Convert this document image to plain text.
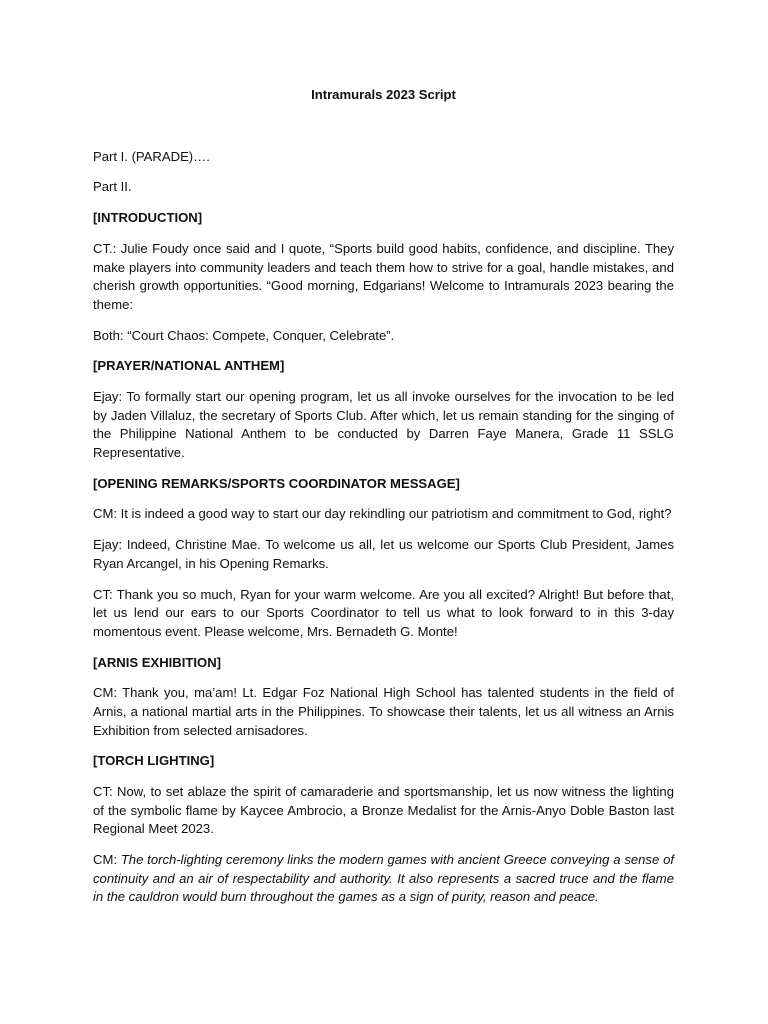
Intramurals 2023 Script
Part I. (PARADE)….
Part II.
[INTRODUCTION]
CT.: Julie Foudy once said and I quote, “Sports build good habits, confidence, and discipline. They make players into community leaders and teach them how to strive for a goal, handle mistakes, and cherish growth opportunities. “Good morning, Edgarians! Welcome to Intramurals 2023 bearing the theme:
Both: “Court Chaos: Compete, Conquer, Celebrate”.
[PRAYER/NATIONAL ANTHEM]
Ejay: To formally start our opening program, let us all invoke ourselves for the invocation to be led by Jaden Villaluz, the secretary of Sports Club. After which, let us remain standing for the singing of the Philippine National Anthem to be conducted by Darren Faye Manera, Grade 11 SSLG Representative.
[OPENING REMARKS/SPORTS COORDINATOR MESSAGE]
CM: It is indeed a good way to start our day rekindling our patriotism and commitment to God, right?
Ejay: Indeed, Christine Mae. To welcome us all, let us welcome our Sports Club President, James Ryan Arcangel, in his Opening Remarks.
CT: Thank you so much, Ryan for your warm welcome. Are you all excited? Alright! But before that, let us lend our ears to our Sports Coordinator to tell us what to look forward to in this 3-day momentous event. Please welcome, Mrs. Bernadeth G. Monte!
[ARNIS EXHIBITION]
CM: Thank you, ma’am! Lt. Edgar Foz National High School has talented students in the field of Arnis, a national martial arts in the Philippines. To showcase their talents, let us all witness an Arnis Exhibition from selected arnisadores.
[TORCH LIGHTING]
CT: Now, to set ablaze the spirit of camaraderie and sportsmanship, let us now witness the lighting of the symbolic flame by Kaycee Ambrocio, a Bronze Medalist for the Arnis-Anyo Doble Baston last Regional Meet 2023.
CM: The torch-lighting ceremony links the modern games with ancient Greece conveying a sense of continuity and an air of respectability and authority. It also represents a sacred truce and the flame in the cauldron would burn throughout the games as a sign of purity, reason and peace.
